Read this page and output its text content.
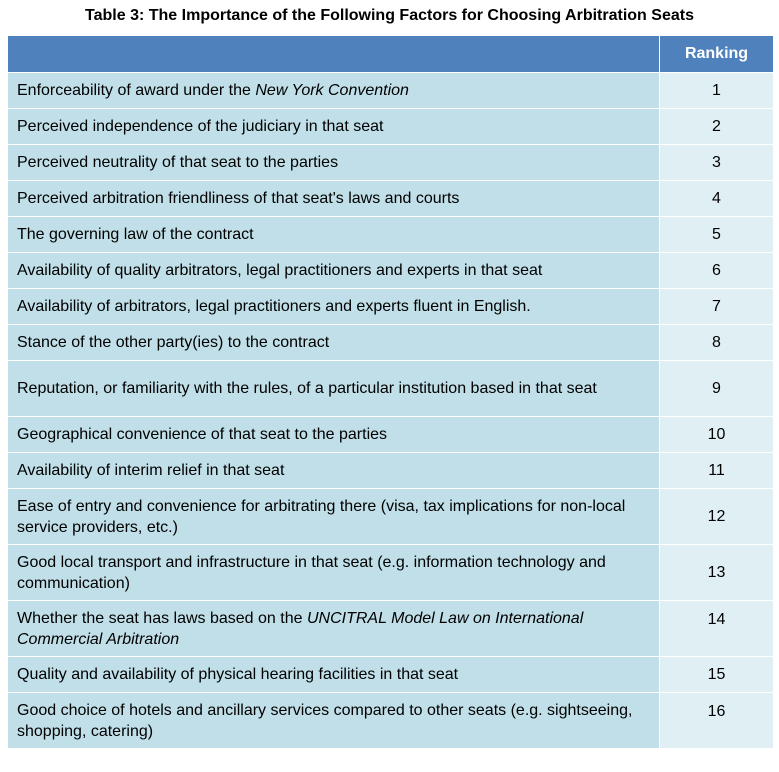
Table 3: The Importance of the Following Factors for Choosing Arbitration Seats
	Ranking
Enforceability of award under the New York Convention	1
Perceived independence of the judiciary in that seat	2
Perceived neutrality of that seat to the parties	3
Perceived arbitration friendliness of that seat's laws and courts	4
The governing law of the contract	5
Availability of quality arbitrators, legal practitioners and experts in that seat	6
Availability of arbitrators, legal practitioners and experts fluent in English.	7
Stance of the other party(ies) to the contract	8
Reputation, or familiarity with the rules, of a particular institution based in that seat	9
Geographical convenience of that seat to the parties	10
Availability of interim relief in that seat	11
Ease of entry and convenience for arbitrating there (visa, tax implications for non-local service providers, etc.)	12
Good local transport and infrastructure in that seat (e.g. information technology and communication)	13
Whether the seat has laws based on the UNCITRAL Model Law on International Commercial Arbitration	14
Quality and availability of physical hearing facilities in that seat	15
Good choice of hotels and ancillary services compared to other seats (e.g. sightseeing, shopping, catering)	16
